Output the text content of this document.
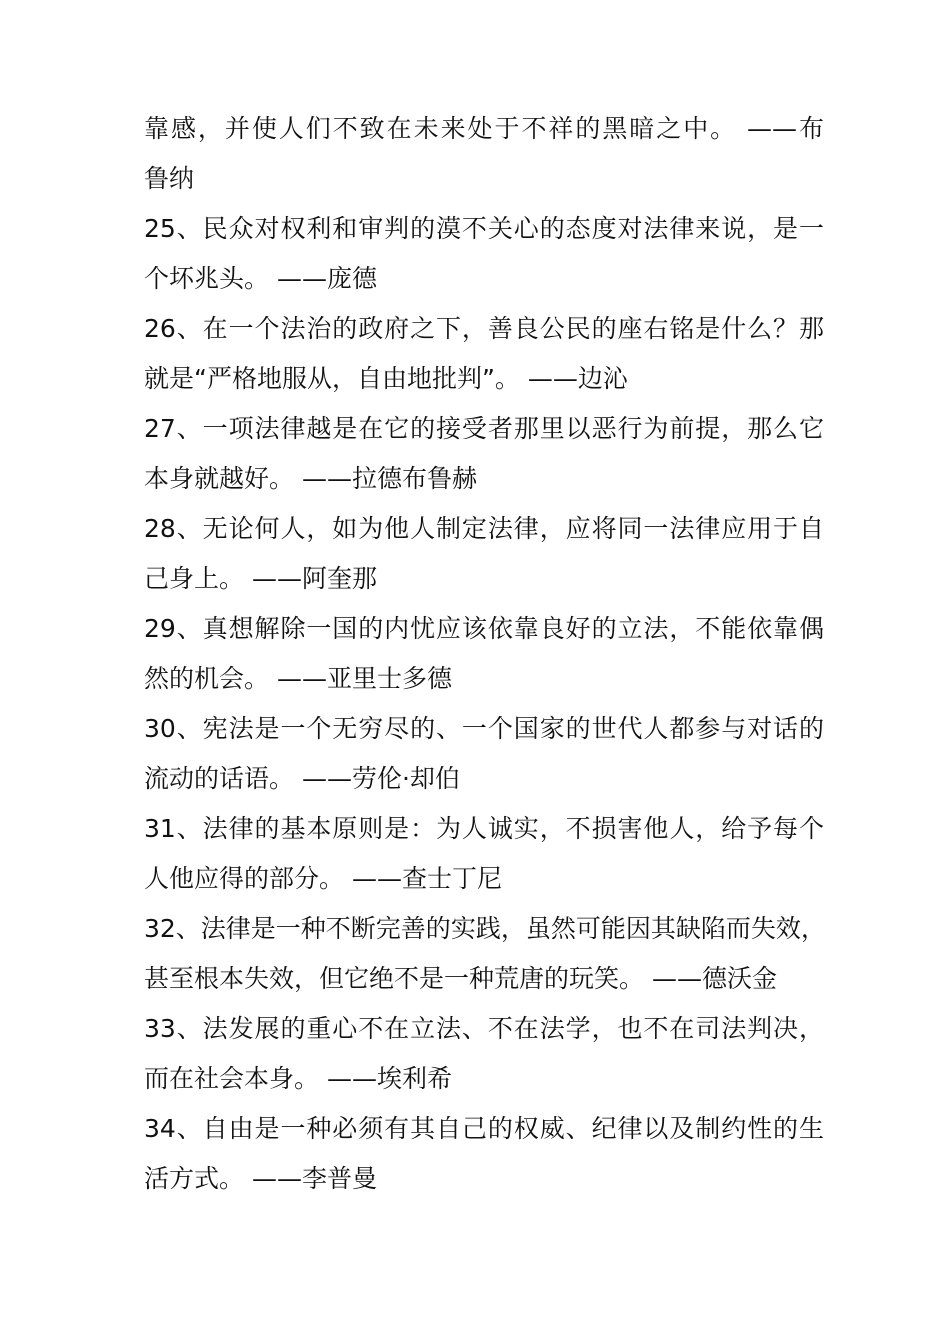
靠感，并使人们不致在未来处于不祥的黑暗之中。 ——布
鲁纳
25、民众对权利和审判的漠不关心的态度对法律来说，是一
个坏兆头。 ——庞德
26、在一个法治的政府之下，善良公民的座右铭是什么？那
就是“严格地服从，自由地批判”。 ——边沁
27、一项法律越是在它的接受者那里以恶行为前提，那么它
本身就越好。 ——拉德布鲁赫
28、无论何人，如为他人制定法律，应将同一法律应用于自
己身上。 ——阿奎那
29、真想解除一国的内忧应该依靠良好的立法，不能依靠偶
然的机会。 ——亚里士多德
30、宪法是一个无穷尽的、一个国家的世代人都参与对话的
流动的话语。 ——劳伦·却伯
31、法律的基本原则是：为人诚实，不损害他人，给予每个
人他应得的部分。 ——查士丁尼
32、法律是一种不断完善的实践，虽然可能因其缺陷而失效，
甚至根本失效，但它绝不是一种荒唐的玩笑。 ——德沃金
33、法发展的重心不在立法、不在法学，也不在司法判决，
而在社会本身。 ——埃利希
34、自由是一种必须有其自己的权威、纪律以及制约性的生
活方式。 ——李普曼
